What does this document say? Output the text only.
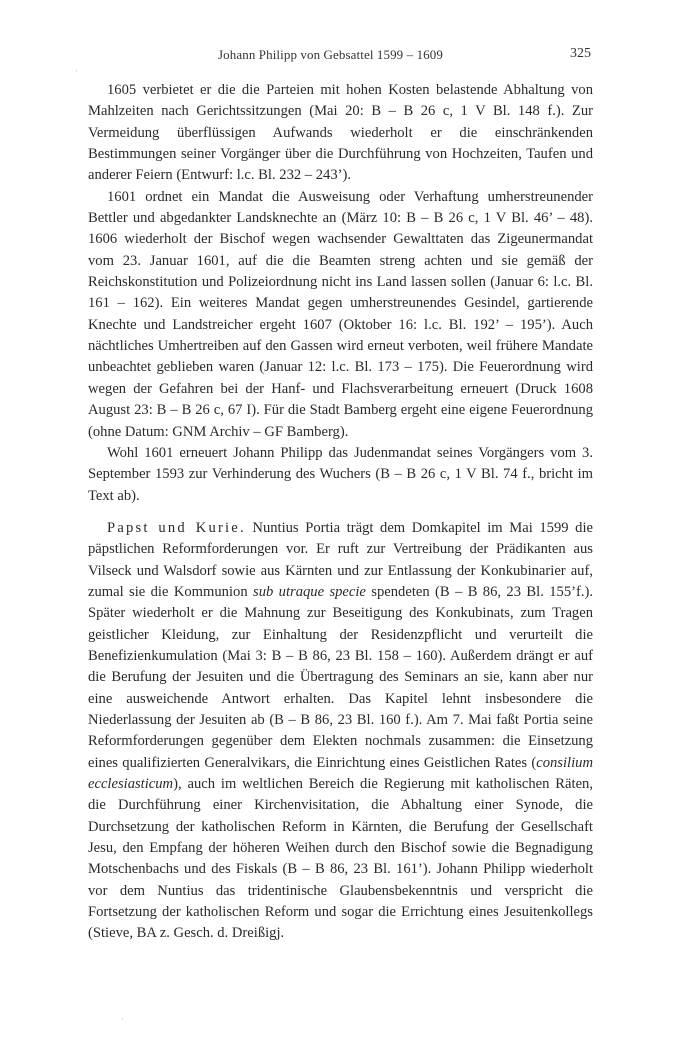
Johann Philipp von Gebsattel 1599 – 1609	325
·

1605 verbietet er die die Parteien mit hohen Kosten belastende Abhaltung von Mahlzeiten nach Gerichtssitzungen (Mai 20: B – B 26 c, 1 V Bl. 148 f.). Zur Vermeidung überflüssigen Aufwands wiederholt er die einschränkenden Bestimmungen seiner Vorgänger über die Durchführung von Hochzeiten, Taufen und anderer Feiern (Entwurf: l.c. Bl. 232 – 243’).

1601 ordnet ein Mandat die Ausweisung oder Verhaftung umherstreunender Bettler und abgedankter Landsknechte an (März 10: B – B 26 c, 1 V Bl. 46’ – 48). 1606 wiederholt der Bischof wegen wachsender Gewalttaten das Zigeunermandat vom 23. Januar 1601, auf die die Beamten streng achten und sie gemäß der Reichskonstitution und Polizeiordnung nicht ins Land lassen sollen (Januar 6: l.c. Bl. 161 – 162). Ein weiteres Mandat gegen umherstreunendes Gesindel, gartierende Knechte und Landstreicher ergeht 1607 (Oktober 16: l.c. Bl. 192’ – 195’). Auch nächtliches Umhertreiben auf den Gassen wird erneut verboten, weil frühere Mandate unbeachtet geblieben waren (Januar 12: l.c. Bl. 173 – 175). Die Feuerordnung wird wegen der Gefahren bei der Hanf- und Flachsverarbeitung erneuert (Druck 1608 August 23: B – B 26 c, 67 I). Für die Stadt Bamberg ergeht eine eigene Feuerordnung (ohne Datum: GNM Archiv – GF Bamberg).

Wohl 1601 erneuert Johann Philipp das Judenmandat seines Vorgängers vom 3. September 1593 zur Verhinderung des Wuchers (B – B 26 c, 1 V Bl. 74 f., bricht im Text ab).

Papst und Kurie. Nuntius Portia trägt dem Domkapitel im Mai 1599 die päpstlichen Reformforderungen vor. Er ruft zur Vertreibung der Prädikanten aus Vilseck und Walsdorf sowie aus Kärnten und zur Entlassung der Konkubinarier auf, zumal sie die Kommunion sub utraque specie spendeten (B – B 86, 23 Bl. 155’f.). Später wiederholt er die Mahnung zur Beseitigung des Konkubinats, zum Tragen geistlicher Kleidung, zur Einhaltung der Residenzpflicht und verurteilt die Benefizienkumulation (Mai 3: B – B 86, 23 Bl. 158 – 160). Außerdem drängt er auf die Berufung der Jesuiten und die Übertragung des Seminars an sie, kann aber nur eine ausweichende Antwort erhalten. Das Kapitel lehnt insbesondere die Niederlassung der Jesuiten ab (B – B 86, 23 Bl. 160 f.). Am 7. Mai faßt Portia seine Reformforderungen gegenüber dem Elekten nochmals zusammen: die Einsetzung eines qualifizierten Generalvikars, die Einrichtung eines Geistlichen Rates (consilium ecclesiasticum), auch im weltlichen Bereich die Regierung mit katholischen Räten, die Durchführung einer Kirchenvisitation, die Abhaltung einer Synode, die Durchsetzung der katholischen Reform in Kärnten, die Berufung der Gesellschaft Jesu, den Empfang der höheren Weihen durch den Bischof sowie die Begnadigung Motschenbachs und des Fiskals (B – B 86, 23 Bl. 161’). Johann Philipp wiederholt vor dem Nuntius das tridentinische Glaubensbekenntnis und verspricht die Fortsetzung der katholischen Reform und sogar die Errichtung eines Jesuitenkollegs (Stieve, BA z. Gesch. d. Dreißigj.

·
